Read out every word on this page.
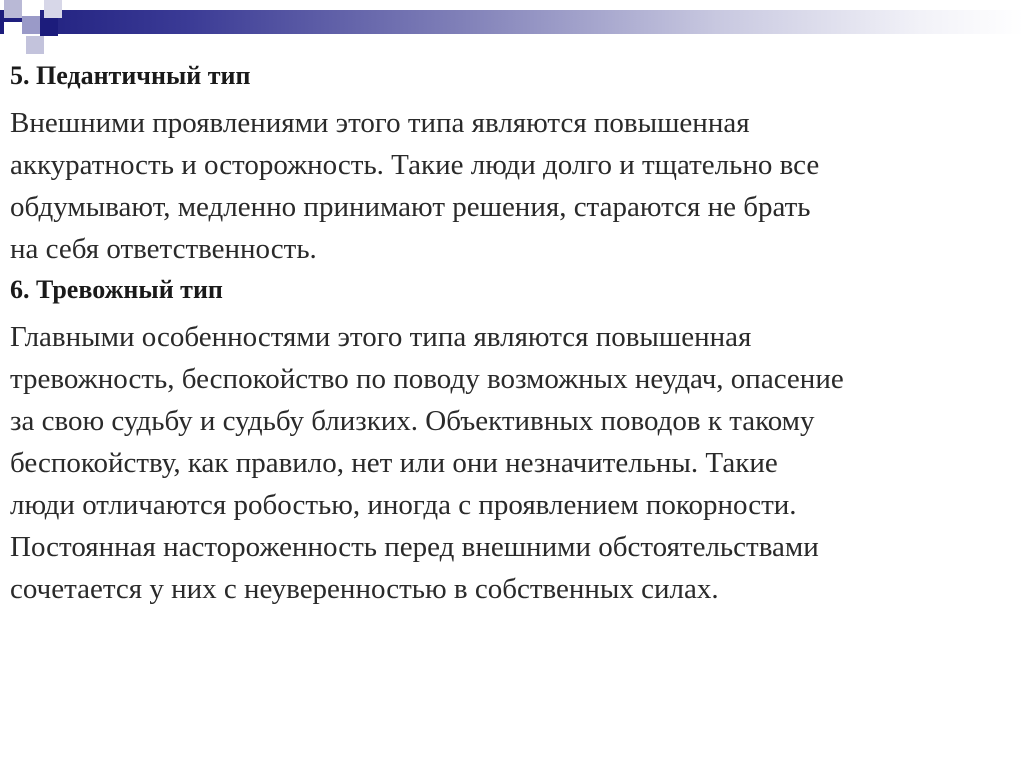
5. Педантичный тип
Внешними проявлениями этого типа являются повышенная
аккуратность и осторожность. Такие люди долго и тщательно все
обдумывают, медленно принимают решения, стараются не брать
на себя ответственность.
6. Тревожный тип
Главными особенностями этого типа являются повышенная
тревожность, беспокойство по поводу возможных неудач, опасение
за свою судьбу и судьбу близких. Объективных поводов к такому
беспокойству, как правило, нет или они незначительны. Такие
люди отличаются робостью, иногда с проявлением покорности.
Постоянная настороженность перед внешними обстоятельствами
сочетается у них с неуверенностью в собственных силах.
